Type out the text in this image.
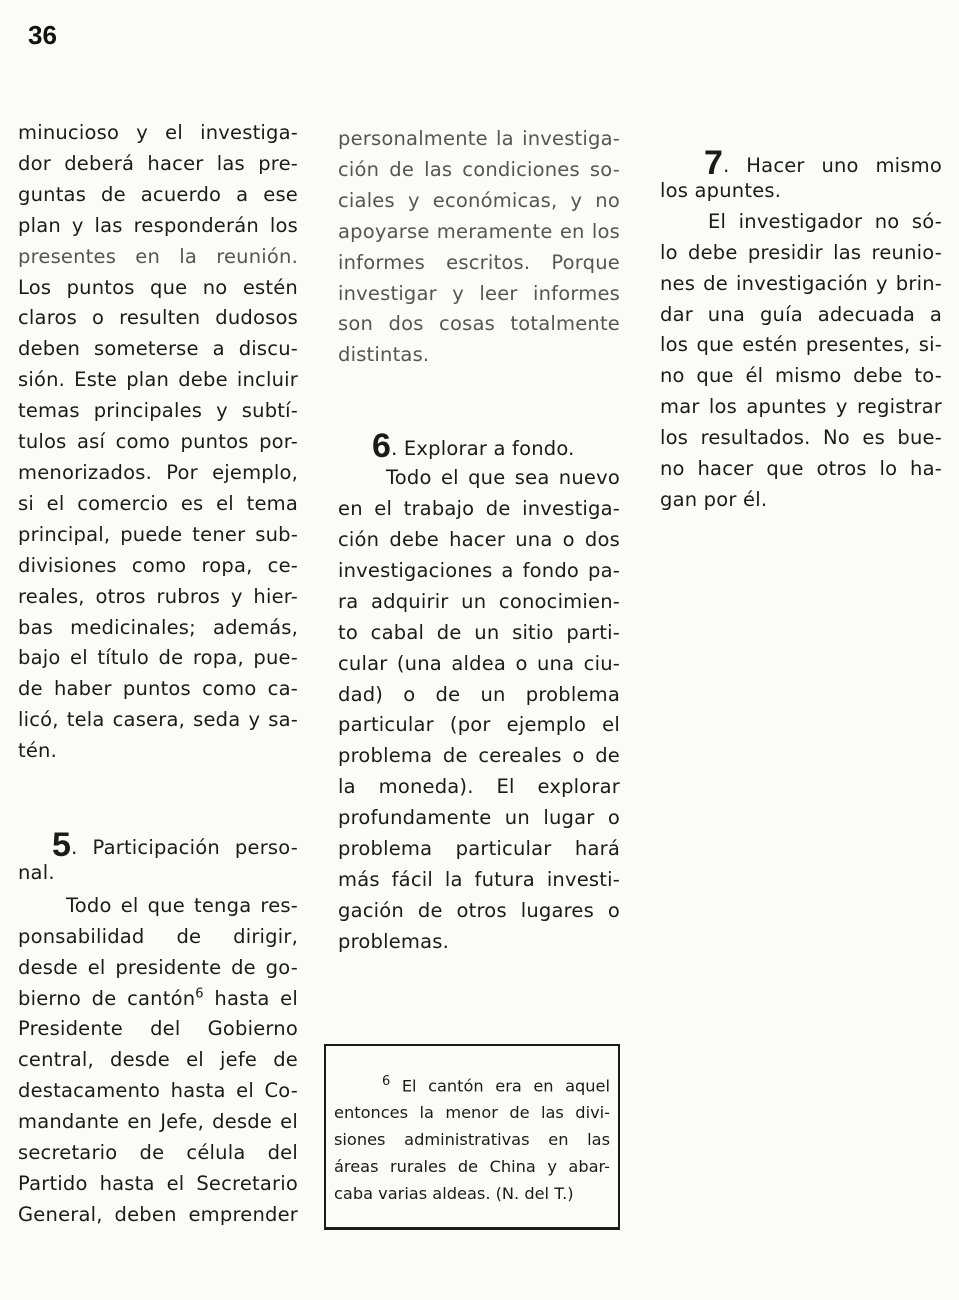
36

minucioso y el investiga-

dor deberá hacer las pre-

guntas de acuerdo a ese

plan y las responderán los

presentes en la reunión.

Los puntos que no estén

claros o resulten dudosos

deben someterse a discu-

sión. Este plan debe incluir

temas principales y subtí-

tulos así como puntos por-

menorizados. Por ejemplo,

si el comercio es el tema

principal, puede tener sub-

divisiones como ropa, ce-

reales, otros rubros y hier-

bas medicinales; además,

bajo el título de ropa, pue-

de haber puntos como ca-

licó, tela casera, seda y sa-

tén.

5. Participación perso-

nal.

Todo el que tenga res-

ponsabilidad de dirigir,

desde el presidente de go-

bierno de cantón$^6$ hasta el

Presidente del Gobierno

central, desde el jefe de

destacamento hasta el Co-

mandante en Jefe, desde el

secretario de célula del

Partido hasta el Secretario

General, deben emprender

personalmente la investiga-

ción de las condiciones so-

ciales y económicas, y no

apoyarse meramente en los

informes escritos. Porque

investigar y leer informes

son dos cosas totalmente

distintas.

6. Explorar a fondo.

Todo el que sea nuevo

en el trabajo de investiga-

ción debe hacer una o dos

investigaciones a fondo pa-

ra adquirir un conocimien-

to cabal de un sitio parti-

cular (una aldea o una ciu-

dad) o de un problema

particular (por ejemplo el

problema de cereales o de

la moneda). El explorar

profundamente un lugar o

problema particular hará

más fácil la futura investi-

gación de otros lugares o

problemas.

7. Hacer uno mismo

los apuntes.

El investigador no só-

lo debe presidir las reunio-

nes de investigación y brin-

dar una guía adecuada a

los que estén presentes, si-

no que él mismo debe to-

mar los apuntes y registrar

los resultados. No es bue-

no hacer que otros lo ha-

gan por él.

$^6$ El cantón era en aquel

entonces la menor de las divi-

siones administrativas en las

áreas rurales de China y abar-

caba varias aldeas. (N. del T.)
